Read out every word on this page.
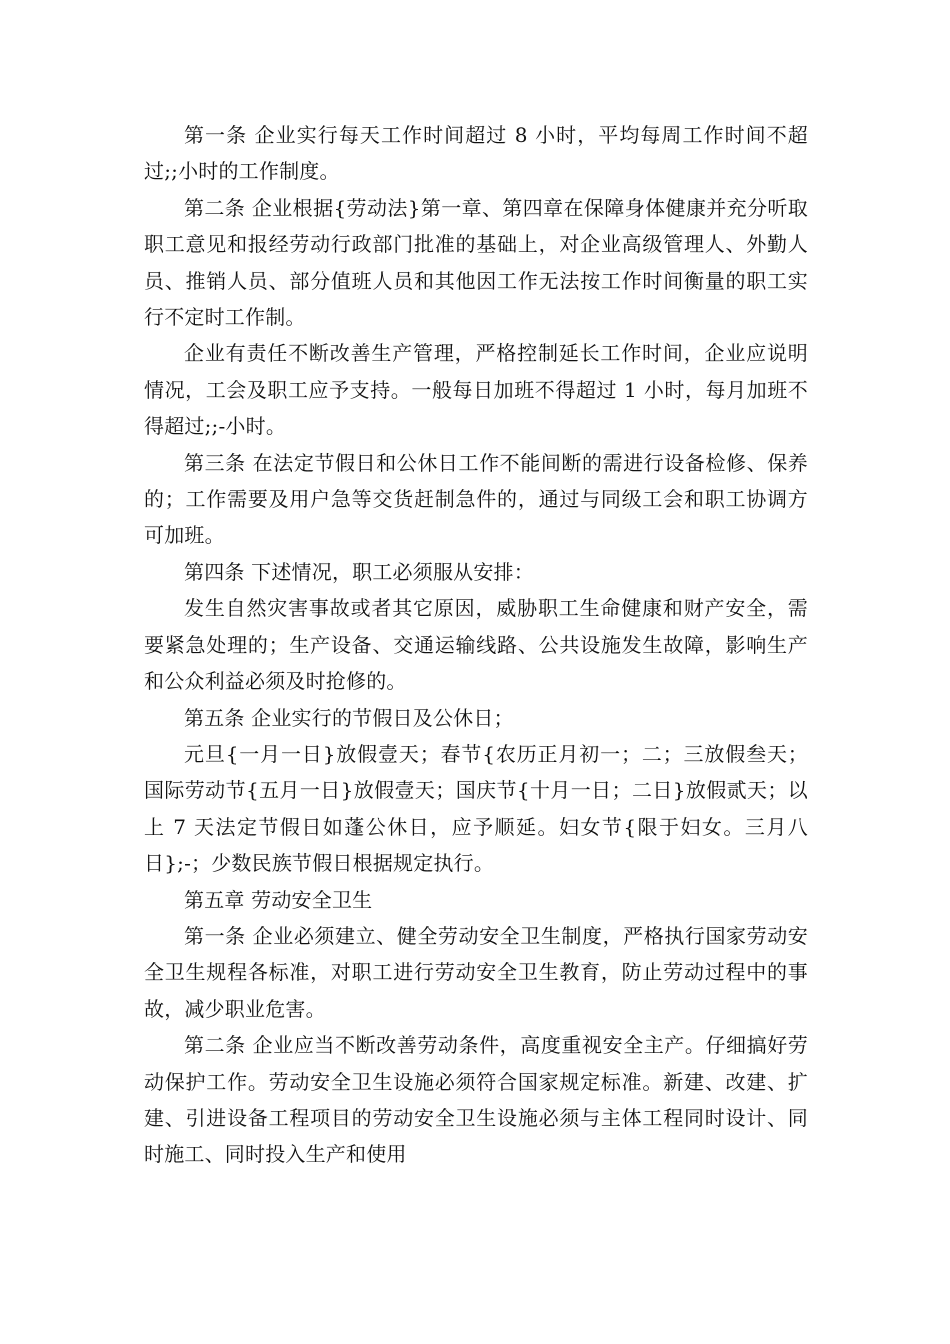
第一条 企业实行每天工作时间超过 8 小时，平均每周工作时间不超过;;小时的工作制度。

第二条 企业根据{劳动法}第一章、第四章在保障身体健康并充分听取职工意见和报经劳动行政部门批准的基础上，对企业高级管理人、外勤人员、推销人员、部分值班人员和其他因工作无法按工作时间衡量的职工实行不定时工作制。

企业有责任不断改善生产管理，严格控制延长工作时间，企业应说明情况，工会及职工应予支持。一般每日加班不得超过 1 小时，每月加班不得超过;;-小时。

第三条 在法定节假日和公休日工作不能间断的需进行设备检修、保养的；工作需要及用户急等交货赶制急件的，通过与同级工会和职工协调方可加班。

第四条 下述情况，职工必须服从安排：

发生自然灾害事故或者其它原因，威胁职工生命健康和财产安全，需要紧急处理的；生产设备、交通运输线路、公共设施发生故障，影响生产和公众利益必须及时抢修的。

第五条 企业实行的节假日及公休日；

元旦{一月一日}放假壹天；春节{农历正月初一；二；三放假叁天；国际劳动节{五月一日}放假壹天；国庆节{十月一日；二日}放假贰天；以上 7 天法定节假日如蓬公休日，应予顺延。妇女节{限于妇女。三月八日};-；少数民族节假日根据规定执行。

第五章 劳动安全卫生

第一条 企业必须建立、健全劳动安全卫生制度，严格执行国家劳动安全卫生规程各标准，对职工进行劳动安全卫生教育，防止劳动过程中的事故，减少职业危害。

第二条 企业应当不断改善劳动条件，高度重视安全主产。仔细搞好劳动保护工作。劳动安全卫生设施必须符合国家规定标准。新建、改建、扩建、引进设备工程项目的劳动安全卫生设施必须与主体工程同时设计、同时施工、同时投入生产和使用
